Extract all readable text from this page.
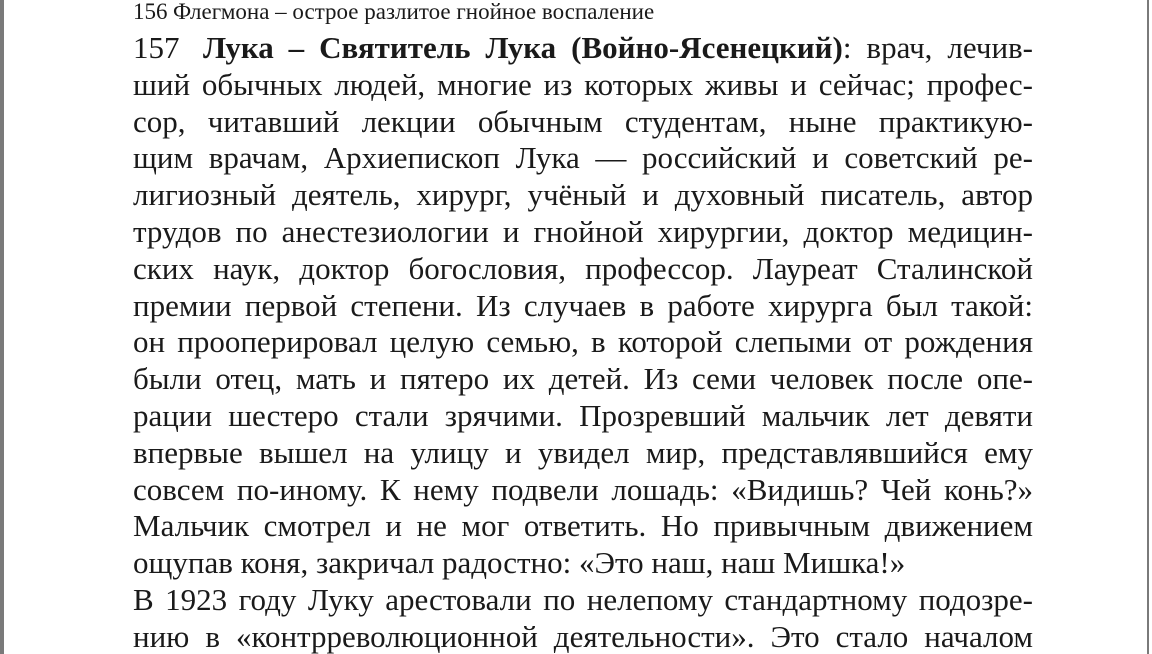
156 Флегмона – острое разлитое гнойное воспаление
157 Лука – Святитель Лука (Войно-Ясенецкий): врач, лечив-
ший обычных людей, многие из которых живы и сейчас; профес-
сор, читавший лекции обычным студентам, ныне практикую-
щим врачам, Архиепископ Лука — российский и советский ре-
лигиозный деятель, хирург, учёный и духовный писатель, автор
трудов по анестезиологии и гнойной хирургии, доктор медицин-
ских наук, доктор богословия, профессор. Лауреат Сталинской
премии первой степени. Из случаев в работе хирурга был такой:
он прооперировал целую семью, в которой слепыми от рождения
были отец, мать и пятеро их детей. Из семи человек после опе-
рации шестеро стали зрячими. Прозревший мальчик лет девяти
впервые вышел на улицу и увидел мир, представлявшийся ему
совсем по-иному. К нему подвели лошадь: «Видишь? Чей конь?»
Мальчик смотрел и не мог ответить. Но привычным движением
ощупав коня, закричал радостно: «Это наш, наш Мишка!»
В 1923 году Луку арестовали по нелепому стандартному подозре-
нию в «контрреволюционной деятельности». Это стало началом
